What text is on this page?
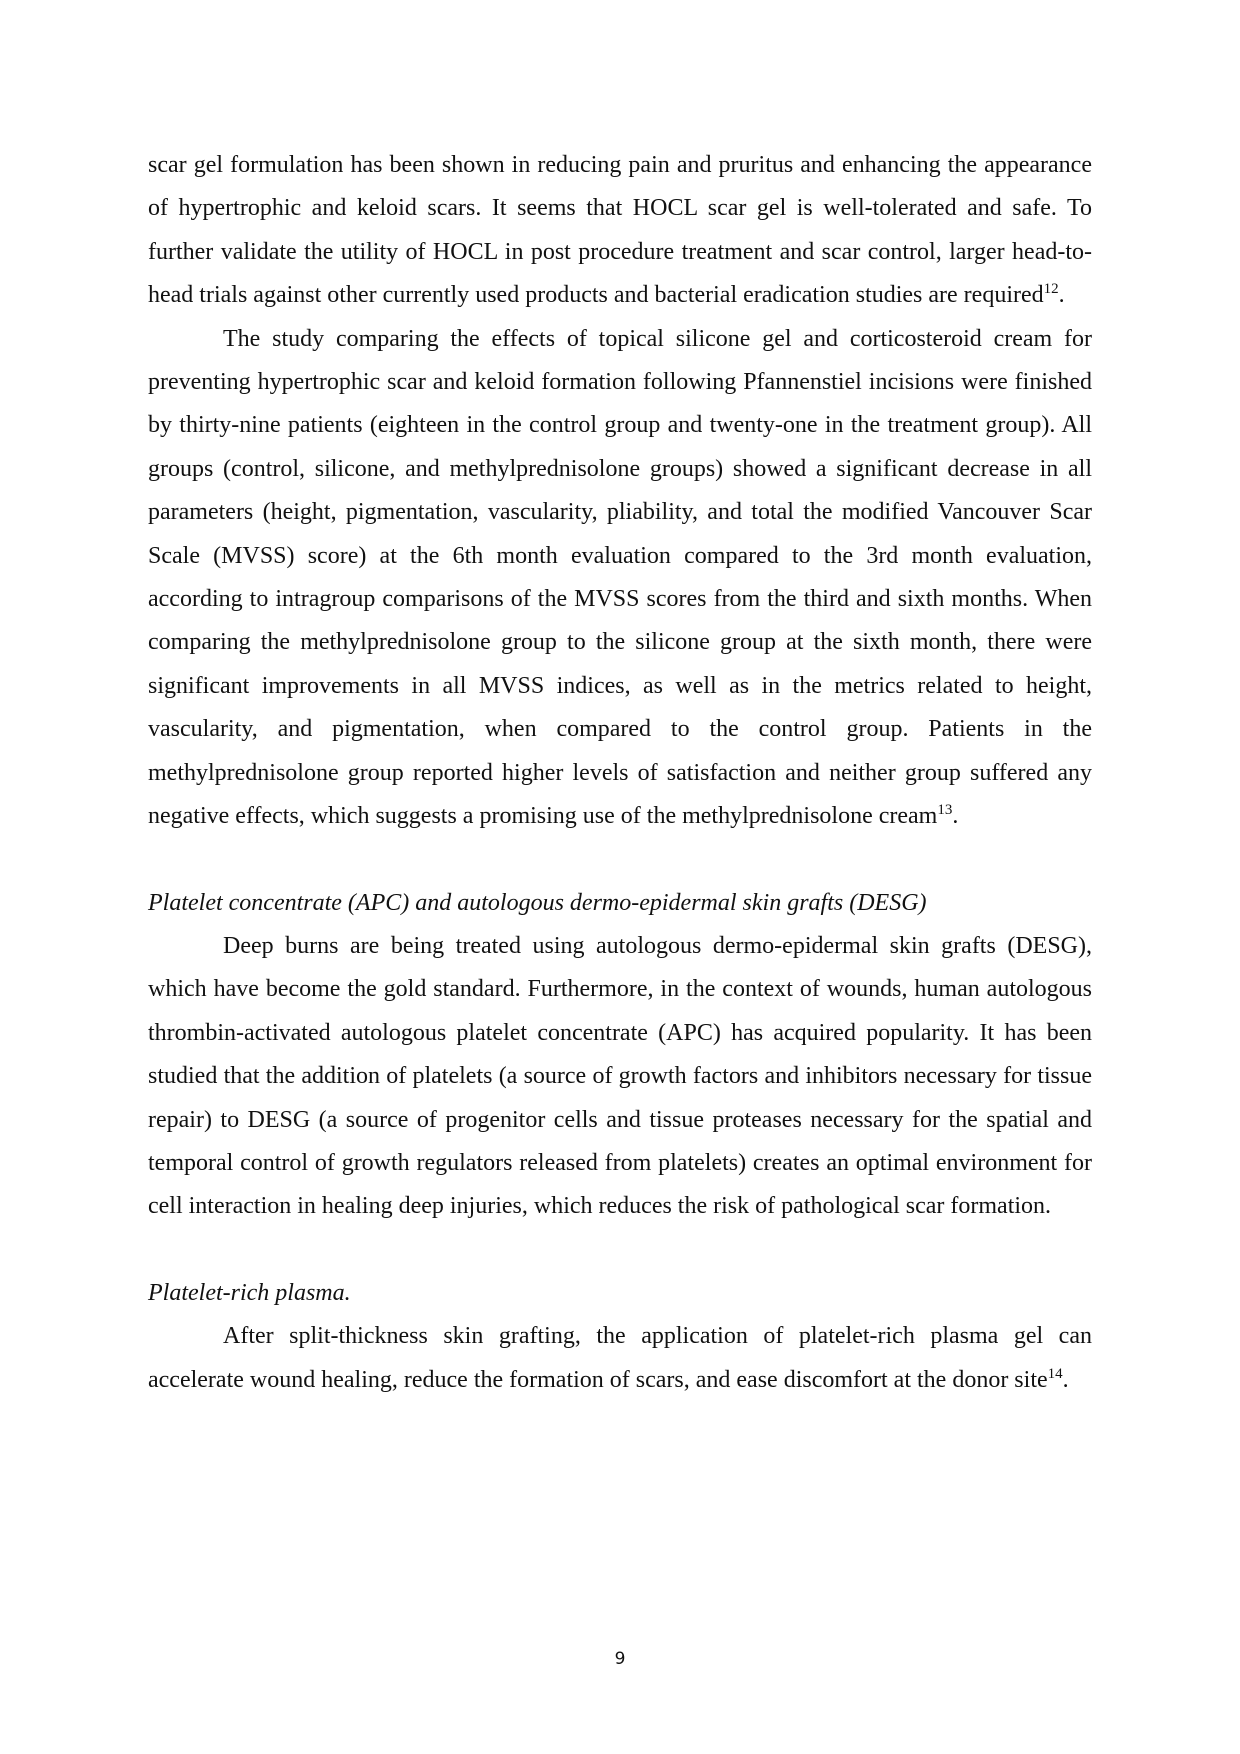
scar gel formulation has been shown in reducing pain and pruritus and enhancing the appearance of hypertrophic and keloid scars. It seems that HOCL scar gel is well-tolerated and safe. To further validate the utility of HOCL in post procedure treatment and scar control, larger head-to-head trials against other currently used products and bacterial eradication studies are required$^{12}$.

The study comparing the effects of topical silicone gel and corticosteroid cream for preventing hypertrophic scar and keloid formation following Pfannenstiel incisions were finished by thirty-nine patients (eighteen in the control group and twenty-one in the treatment group). All groups (control, silicone, and methylprednisolone groups) showed a significant decrease in all parameters (height, pigmentation, vascularity, pliability, and total the modified Vancouver Scar Scale (MVSS) score) at the 6th month evaluation compared to the 3rd month evaluation, according to intragroup comparisons of the MVSS scores from the third and sixth months. When comparing the methylprednisolone group to the silicone group at the sixth month, there were significant improvements in all MVSS indices, as well as in the metrics related to height, vascularity, and pigmentation, when compared to the control group. Patients in the methylprednisolone group reported higher levels of satisfaction and neither group suffered any negative effects, which suggests a promising use of the methylprednisolone cream$^{13}$.

Platelet concentrate (APC) and autologous dermo-epidermal skin grafts (DESG)

Deep burns are being treated using autologous dermo-epidermal skin grafts (DESG), which have become the gold standard. Furthermore, in the context of wounds, human autologous thrombin-activated autologous platelet concentrate (APC) has acquired popularity. It has been studied that the addition of platelets (a source of growth factors and inhibitors necessary for tissue repair) to DESG (a source of progenitor cells and tissue proteases necessary for the spatial and temporal control of growth regulators released from platelets) creates an optimal environment for cell interaction in healing deep injuries, which reduces the risk of pathological scar formation.

Platelet-rich plasma.

After split-thickness skin grafting, the application of platelet-rich plasma gel can accelerate wound healing, reduce the formation of scars, and ease discomfort at the donor site$^{14}$.

9
